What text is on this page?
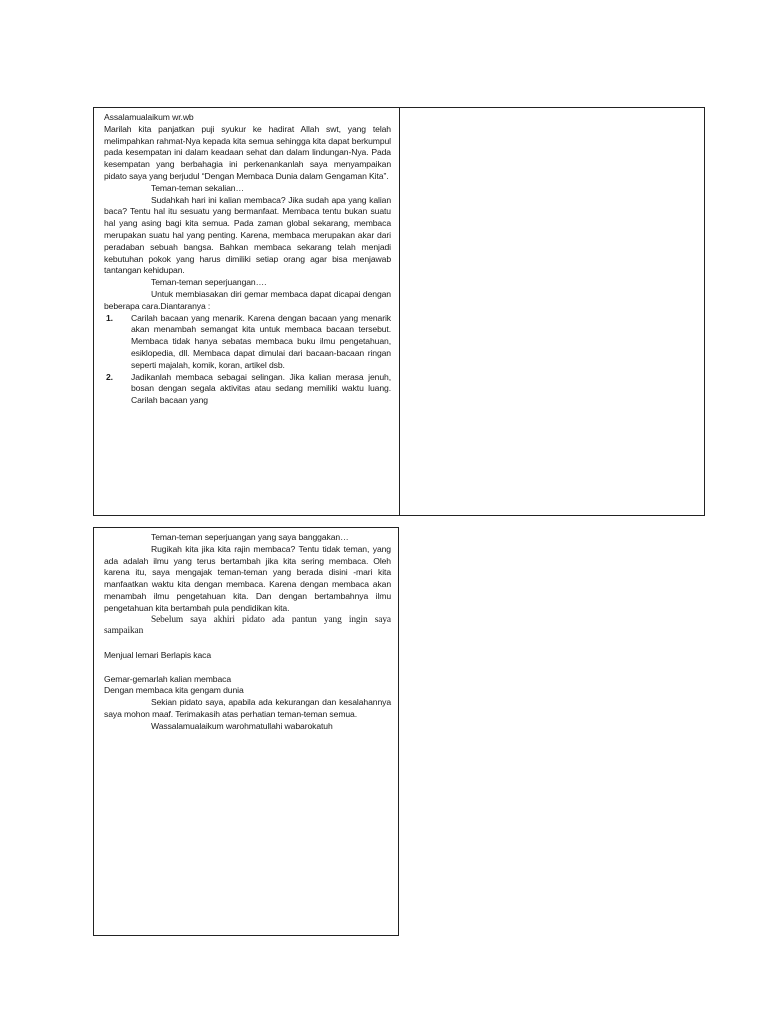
Assalamualaikum wr.wb

Marilah kita panjatkan puji syukur ke hadirat Allah swt, yang telah melimpahkan rahmat-Nya kepada kita semua sehingga kita dapat berkumpul pada kesempatan ini dalam keadaan sehat dan dalam lindungan-Nya. Pada kesempatan yang berbahagia ini perkenankanlah saya menyampaikan pidato saya yang berjudul “Dengan Membaca Dunia dalam Gengaman Kita”.

Teman-teman sekalian…

Sudahkah hari ini kalian membaca? Jika sudah apa yang kalian baca? Tentu hal itu sesuatu yang bermanfaat. Membaca tentu bukan suatu hal yang asing bagi kita semua. Pada zaman global sekarang, membaca merupakan suatu hal yang penting. Karena, membaca merupakan akar dari peradaban sebuah bangsa. Bahkan membaca sekarang telah menjadi kebutuhan pokok yang harus dimiliki setiap orang agar bisa menjawab tantangan kehidupan.

Teman-teman seperjuangan….

Untuk membiasakan diri gemar membaca dapat dicapai dengan beberapa cara.Diantaranya :

1. Carilah bacaan yang menarik. Karena dengan bacaan yang menarik akan menambah semangat kita untuk membaca bacaan tersebut. Membaca tidak hanya sebatas membaca buku ilmu pengetahuan, esiklopedia, dll. Membaca dapat dimulai dari bacaan-bacaan ringan seperti majalah, komik, koran, artikel dsb.
2. Jadikanlah membaca sebagai selingan. Jika kalian merasa jenuh, bosan dengan segala aktivitas atau sedang memiliki waktu luang. Carilah bacaan yang

Teman-teman seperjuangan yang saya banggakan…

Rugikah kita jika kita rajin membaca? Tentu tidak teman, yang ada adalah ilmu yang terus bertambah jika kita sering membaca. Oleh karena itu, saya mengajak teman-teman yang berada disini -mari kita manfaatkan waktu kita dengan membaca. Karena dengan membaca akan menambah ilmu pengetahuan kita. Dan dengan bertambahnya ilmu pengetahuan kita bertambah pula pendidikan kita.

Sebelum saya akhiri pidato ada pantun yang ingin saya sampaikan

Menjual lemari Berlapis kaca

Gemar-gemarlah kalian membaca

Dengan membaca kita gengam dunia

Sekian pidato saya, apabila ada kekurangan dan kesalahannya saya mohon maaf. Terimakasih atas perhatian teman-teman semua.

Wassalamualaikum warohmatullahi wabarokatuh
